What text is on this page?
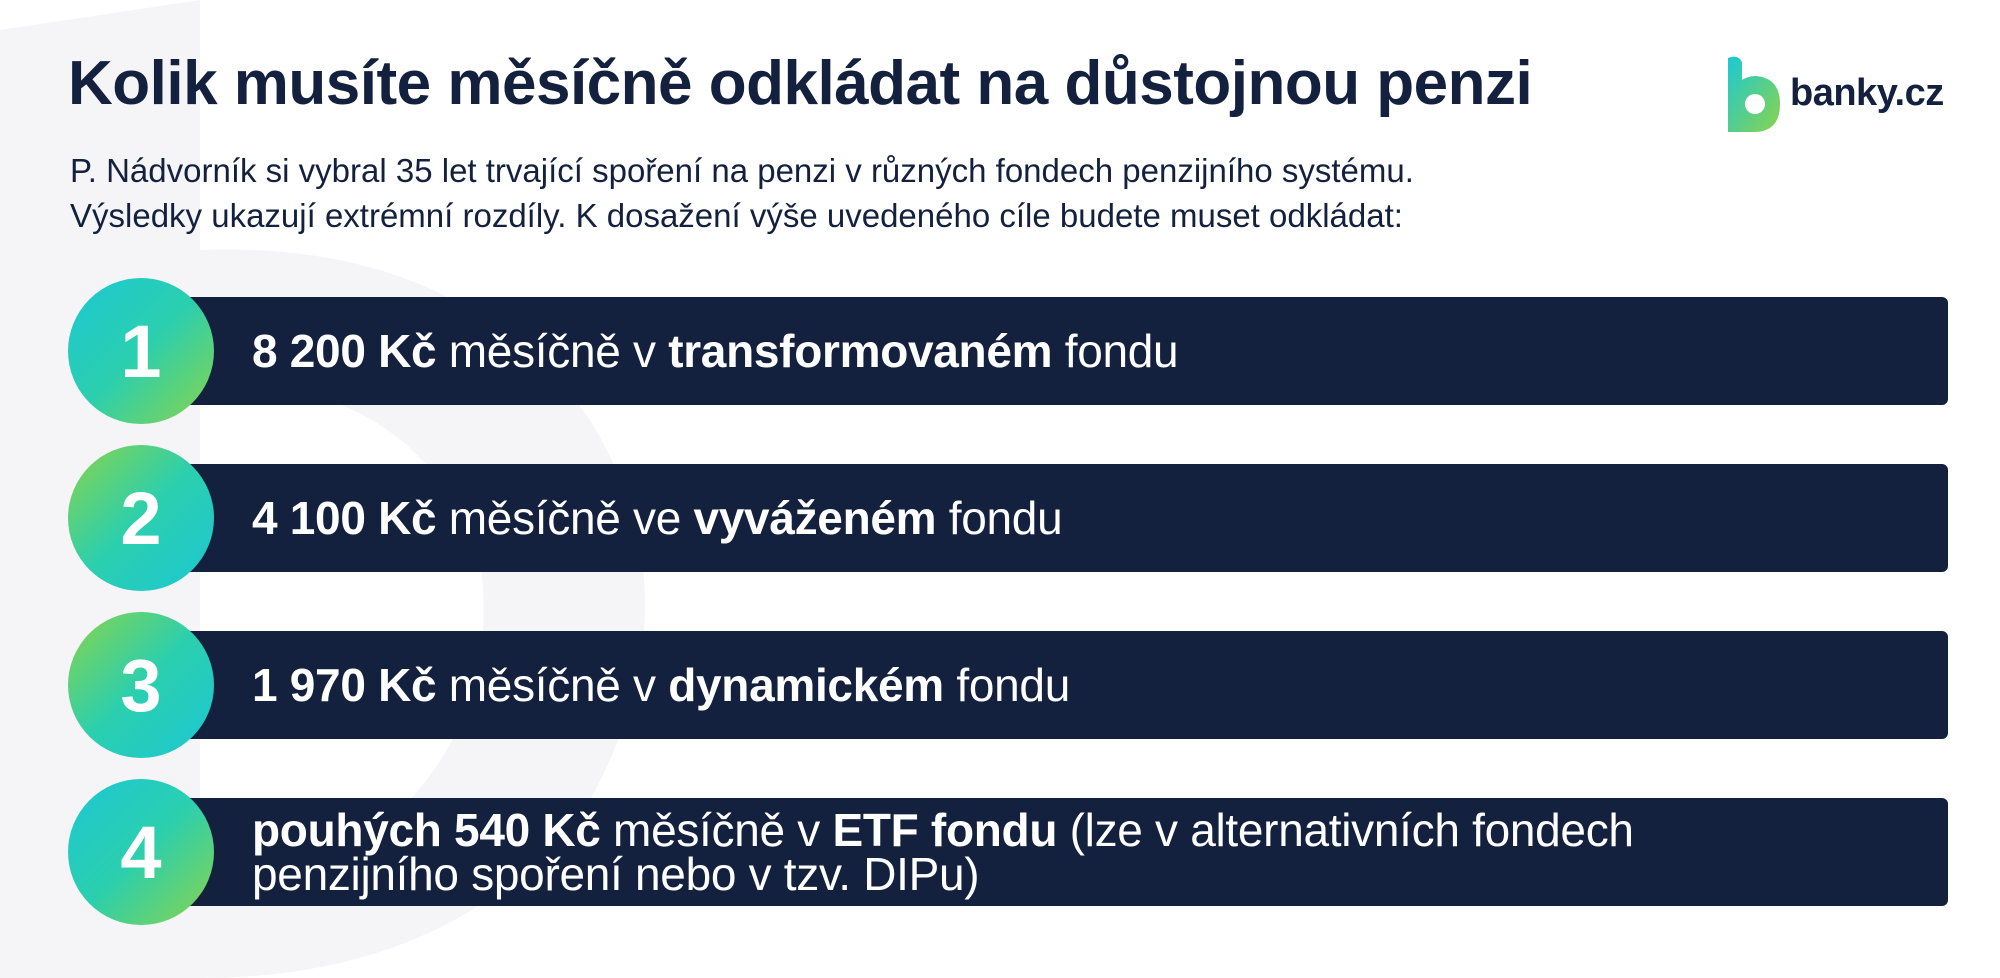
Kolik musíte měsíčně odkládat na důstojnou penzi

P. Nádvorník si vybral 35 let trvající spoření na penzi v různých fondech penzijního systému.
Výsledky ukazují extrémní rozdíly. K dosažení výše uvedeného cíle budete muset odkládat:

banky.cz
1	8 200 Kč měsíčně v transformovaném fondu
2	4 100 Kč měsíčně ve vyváženém fondu
3	1 970 Kč měsíčně v dynamickém fondu
4	pouhých 540 Kč měsíčně v ETF fondu (lze v alternativních fondech
penzijního spoření nebo v tzv. DIPu)
